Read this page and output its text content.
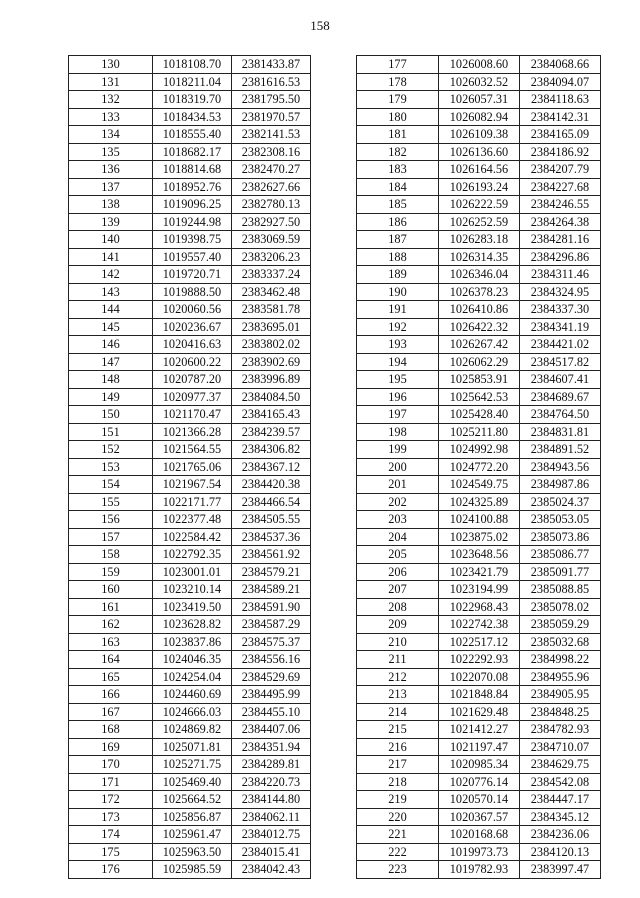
158
130	1018108.70	2381433.87
131	1018211.04	2381616.53
132	1018319.70	2381795.50
133	1018434.53	2381970.57
134	1018555.40	2382141.53
135	1018682.17	2382308.16
136	1018814.68	2382470.27
137	1018952.76	2382627.66
138	1019096.25	2382780.13
139	1019244.98	2382927.50
140	1019398.75	2383069.59
141	1019557.40	2383206.23
142	1019720.71	2383337.24
143	1019888.50	2383462.48
144	1020060.56	2383581.78
145	1020236.67	2383695.01
146	1020416.63	2383802.02
147	1020600.22	2383902.69
148	1020787.20	2383996.89
149	1020977.37	2384084.50
150	1021170.47	2384165.43
151	1021366.28	2384239.57
152	1021564.55	2384306.82
153	1021765.06	2384367.12
154	1021967.54	2384420.38
155	1022171.77	2384466.54
156	1022377.48	2384505.55
157	1022584.42	2384537.36
158	1022792.35	2384561.92
159	1023001.01	2384579.21
160	1023210.14	2384589.21
161	1023419.50	2384591.90
162	1023628.82	2384587.29
163	1023837.86	2384575.37
164	1024046.35	2384556.16
165	1024254.04	2384529.69
166	1024460.69	2384495.99
167	1024666.03	2384455.10
168	1024869.82	2384407.06
169	1025071.81	2384351.94
170	1025271.75	2384289.81
171	1025469.40	2384220.73
172	1025664.52	2384144.80
173	1025856.87	2384062.11
174	1025961.47	2384012.75
175	1025963.50	2384015.41
176	1025985.59	2384042.43
177	1026008.60	2384068.66
178	1026032.52	2384094.07
179	1026057.31	2384118.63
180	1026082.94	2384142.31
181	1026109.38	2384165.09
182	1026136.60	2384186.92
183	1026164.56	2384207.79
184	1026193.24	2384227.68
185	1026222.59	2384246.55
186	1026252.59	2384264.38
187	1026283.18	2384281.16
188	1026314.35	2384296.86
189	1026346.04	2384311.46
190	1026378.23	2384324.95
191	1026410.86	2384337.30
192	1026422.32	2384341.19
193	1026267.42	2384421.02
194	1026062.29	2384517.82
195	1025853.91	2384607.41
196	1025642.53	2384689.67
197	1025428.40	2384764.50
198	1025211.80	2384831.81
199	1024992.98	2384891.52
200	1024772.20	2384943.56
201	1024549.75	2384987.86
202	1024325.89	2385024.37
203	1024100.88	2385053.05
204	1023875.02	2385073.86
205	1023648.56	2385086.77
206	1023421.79	2385091.77
207	1023194.99	2385088.85
208	1022968.43	2385078.02
209	1022742.38	2385059.29
210	1022517.12	2385032.68
211	1022292.93	2384998.22
212	1022070.08	2384955.96
213	1021848.84	2384905.95
214	1021629.48	2384848.25
215	1021412.27	2384782.93
216	1021197.47	2384710.07
217	1020985.34	2384629.75
218	1020776.14	2384542.08
219	1020570.14	2384447.17
220	1020367.57	2384345.12
221	1020168.68	2384236.06
222	1019973.73	2384120.13
223	1019782.93	2383997.47
